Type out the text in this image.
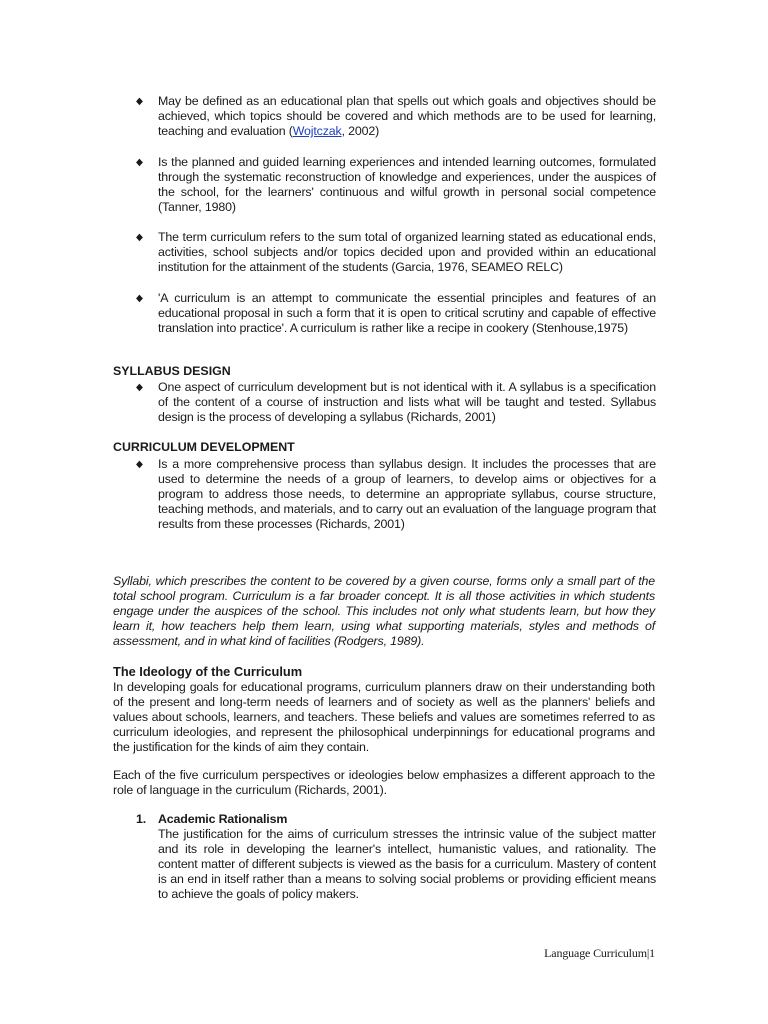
◆ May be defined as an educational plan that spells out which goals and objectives should be achieved, which topics should be covered and which methods are to be used for learning, teaching and evaluation (Wojtczak, 2002)
◆ Is the planned and guided learning experiences and intended learning outcomes, formulated through the systematic reconstruction of knowledge and experiences, under the auspices of the school, for the learners' continuous and wilful growth in personal social competence (Tanner, 1980)
◆ The term curriculum refers to the sum total of organized learning stated as educational ends, activities, school subjects and/or topics decided upon and provided within an educational institution for the attainment of the students (Garcia, 1976, SEAMEO RELC)
◆ 'A curriculum is an attempt to communicate the essential principles and features of an educational proposal in such a form that it is open to critical scrutiny and capable of effective translation into practice'. A curriculum is rather like a recipe in cookery (Stenhouse,1975)
SYLLABUS DESIGN
◆ One aspect of curriculum development but is not identical with it. A syllabus is a specification of the content of a course of instruction and lists what will be taught and tested. Syllabus design is the process of developing a syllabus (Richards, 2001)
CURRICULUM DEVELOPMENT
◆ Is a more comprehensive process than syllabus design. It includes the processes that are used to determine the needs of a group of learners, to develop aims or objectives for a program to address those needs, to determine an appropriate syllabus, course structure, teaching methods, and materials, and to carry out an evaluation of the language program that results from these processes (Richards, 2001)
Syllabi, which prescribes the content to be covered by a given course, forms only a small part of the total school program. Curriculum is a far broader concept. It is all those activities in which students engage under the auspices of the school. This includes not only what students learn, but how they learn it, how teachers help them learn, using what supporting materials, styles and methods of assessment, and in what kind of facilities (Rodgers, 1989).
The Ideology of the Curriculum
In developing goals for educational programs, curriculum planners draw on their understanding both of the present and long-term needs of learners and of society as well as the planners' beliefs and values about schools, learners, and teachers. These beliefs and values are sometimes referred to as curriculum ideologies, and represent the philosophical underpinnings for educational programs and the justification for the kinds of aim they contain.
Each of the five curriculum perspectives or ideologies below emphasizes a different approach to the role of language in the curriculum (Richards, 2001).
1. Academic Rationalism
The justification for the aims of curriculum stresses the intrinsic value of the subject matter and its role in developing the learner's intellect, humanistic values, and rationality. The content matter of different subjects is viewed as the basis for a curriculum. Mastery of content is an end in itself rather than a means to solving social problems or providing efficient means to achieve the goals of policy makers.
Language Curriculum|1
